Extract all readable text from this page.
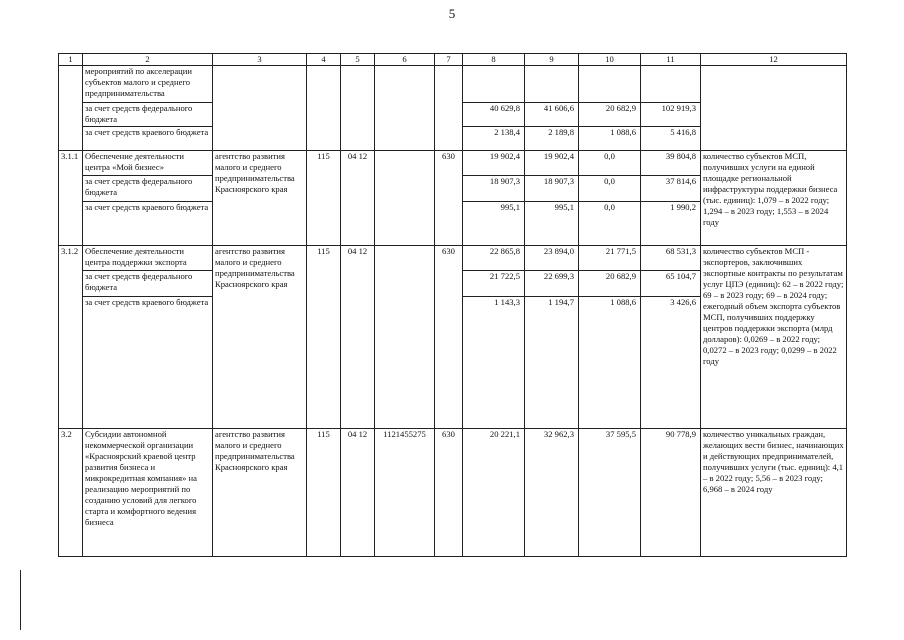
5
1	2	3	4	5	6	7	8	9	10	11	12
	мероприятий по акселерации субъектов малого и среднего предпринимательства										
	за счет средств федерального бюджета						40 629,8	41 606,6	20 682,9	102 919,3	
	за счет средств краевого бюджета						2 138,4	2 189,8	1 088,6	5 416,8	
3.1.1	Обеспечение деятельности центра «Мой бизнес»	агентство развития малого и среднего предпринимательства Красноярского края	115	04 12		630	19 902,4	19 902,4	0,0	39 804,8	количество субъектов МСП, получивших услуги на единой площадке региональной инфраструктуры поддержки бизнеса (тыс. единиц): 1,079 – в 2022 году; 1,294 – в 2023 году; 1,553 – в 2024 году
	за счет средств федерального бюджета						18 907,3	18 907,3	0,0	37 814,6	
	за счет средств краевого бюджета						995,1	995,1	0,0	1 990,2	
3.1.2	Обеспечение деятельности центра поддержки экспорта	агентство развития малого и среднего предпринимательства Красноярского края	115	04 12		630	22 865,8	23 894,0	21 771,5	68 531,3	количество субъектов МСП - экспортеров, заключивших экспортные контракты по результатам услуг ЦПЭ (единиц): 62 – в 2022 году; 69 – в 2023 году; 69 – в 2024 году; ежегодный объем экспорта субъектов МСП, получивших поддержку центров поддержки экспорта (млрд долларов): 0,0269 – в 2022 году; 0,0272 – в 2023 году; 0,0299 – в 2022 году
	за счет средств федерального бюджета						21 722,5	22 699,3	20 682,9	65 104,7	
	за счет средств краевого бюджета						1 143,3	1 194,7	1 088,6	3 426,6	
3.2	Субсидии автономной некоммерческой организации «Красноярский краевой центр развития бизнеса и микрокредитная компания» на реализацию мероприятий по созданию условий для легкого старта и комфортного ведения бизнеса	агентство развития малого и среднего предпринимательства Красноярского края	115	04 12	1121455275	630	20 221,1	32 962,3	37 595,5	90 778,9	количество уникальных граждан, желающих вести бизнес, начинающих и действующих предпринимателей, получивших услуги (тыс. единиц): 4,1 – в 2022 году; 5,56 – в 2023 году; 6,968 – в 2024 году
